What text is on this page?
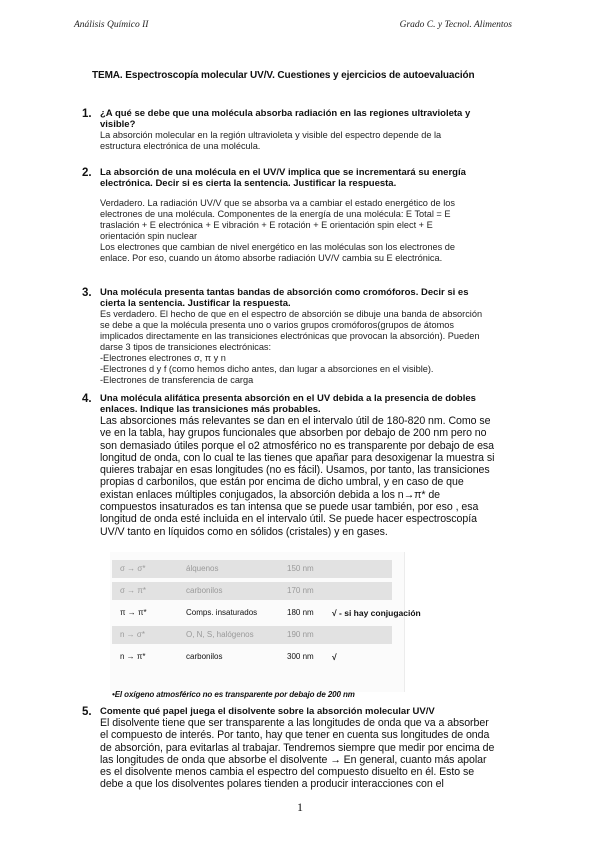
Análisis Químico II	Grado C. y Tecnol. Alimentos
TEMA. Espectroscopía molecular UV/V. Cuestiones y ejercicios de autoevaluación
1. ¿A qué se debe que una molécula absorba radiación en las regiones ultravioleta y
visible?
La absorción molecular en la región ultravioleta y visible del espectro depende de la
estructura electrónica de una molécula.
2. La absorción de una molécula en el UV/V implica que se incrementará su energía
electrónica. Decir si es cierta la sentencia. Justificar la respuesta.
Verdadero. La radiación UV/V que se absorba va a cambiar el estado energético de los
electrones de una molécula. Componentes de la energía de una molécula: E Total = E
traslación + E electrónica + E vibración + E rotación + E orientación spin elect + E
orientación spin nuclear
Los electrones que cambian de nivel energético en las moléculas son los electrones de
enlace. Por eso, cuando un átomo absorbe radiación UV/V cambia su E electrónica.
3. Una molécula presenta tantas bandas de absorción como cromóforos. Decir si es
cierta la sentencia. Justificar la respuesta.
Es verdadero. El hecho de que en el espectro de absorción se dibuje una banda de absorción
se debe a que la molécula presenta uno o varios grupos cromóforos(grupos de átomos
implicados directamente en las transiciones electrónicas que provocan la absorción). Pueden
darse 3 tipos de transiciones electrónicas:
-Electrones electrones σ, π y n
-Electrones d y f (como hemos dicho antes, dan lugar a absorciones en el visible).
-Electrones de transferencia de carga
4. Una molécula alifática presenta absorción en el UV debida a la presencia de dobles
enlaces. Indique las transiciones más probables.
Las absorciones más relevantes se dan en el intervalo útil de 180-820 nm. Como se
ve en la tabla, hay grupos funcionales que absorben por debajo de 200 nm pero no
son demasiado útiles porque el o2 atmosférico no es transparente por debajo de esa
longitud de onda, con lo cual te las tienes que apañar para desoxigenar la muestra si
quieres trabajar en esas longitudes (no es fácil). Usamos, por tanto, las transiciones
propias d carbonilos, que están por encima de dicho umbral, y en caso de que
existan enlaces múltiples conjugados, la absorción debida a los n→π* de
compuestos insaturados es tan intensa que se puede usar también, por eso , esa
longitud de onda esté incluida en el intervalo útil. Se puede hacer espectroscopía
UV/V tanto en líquidos como en sólidos (cristales) y en gases.
σ → σ*	álquenos	150 nm
σ → π*	carbonilos	170 nm
π → π*	Comps. insaturados	180 nm √ - si hay conjugación
n → σ*	O, N, S, halógenos	190 nm
n → π*	carbonilos	300 nm √
•El oxígeno atmosférico no es transparente por debajo de 200 nm
5. Comente qué papel juega el disolvente sobre la absorción molecular UV/V
El disolvente tiene que ser transparente a las longitudes de onda que va a absorber
el compuesto de interés. Por tanto, hay que tener en cuenta sus longitudes de onda
de absorción, para evitarlas al trabajar. Tendremos siempre que medir por encima de
las longitudes de onda que absorbe el disolvente → En general, cuanto más apolar
es el disolvente menos cambia el espectro del compuesto disuelto en él. Esto se
debe a que los disolventes polares tienden a producir interacciones con el
1
